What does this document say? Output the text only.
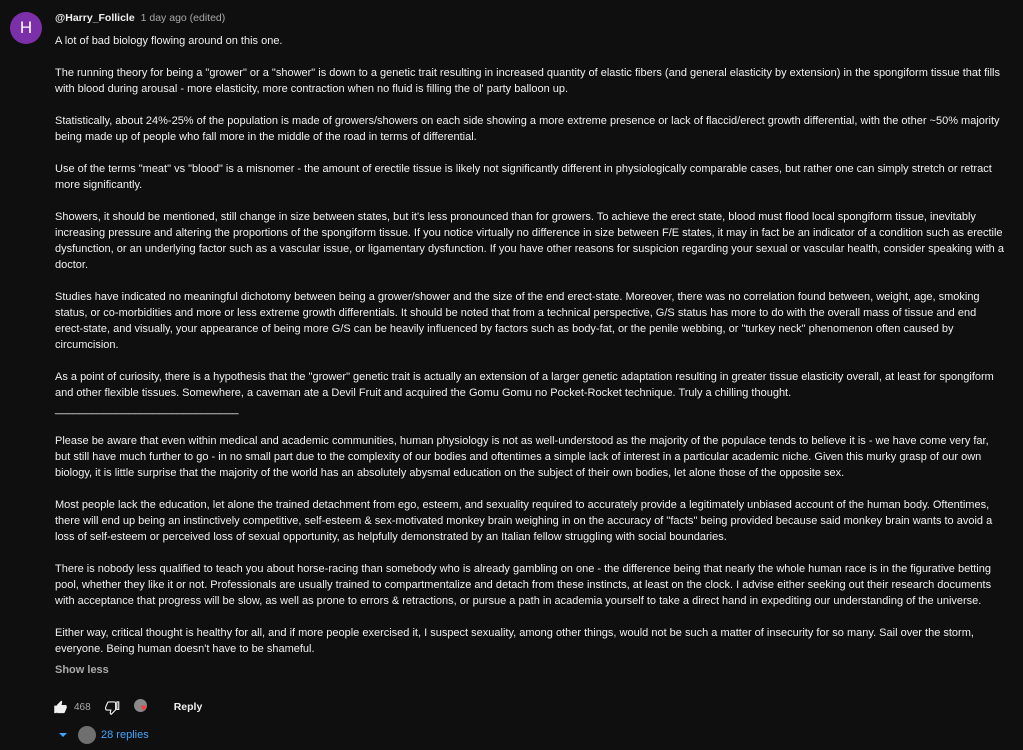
H	@Harry_Follicle 1 day ago (edited)

A lot of bad biology flowing around on this one.

The running theory for being a "grower" or a "shower" is down to a genetic trait resulting in increased quantity of elastic fibers (and general elasticity by extension) in the spongiform tissue that fills with blood during arousal - more elasticity, more contraction when no fluid is filling the ol' party balloon up.

Statistically, about 24%-25% of the population is made of growers/showers on each side showing a more extreme presence or lack of flaccid/erect growth differential, with the other ~50% majority being made up of people who fall more in the middle of the road in terms of differential.

Use of the terms "meat" vs "blood" is a misnomer - the amount of erectile tissue is likely not significantly different in physiologically comparable cases, but rather one can simply stretch or retract more significantly.

Showers, it should be mentioned, still change in size between states, but it's less pronounced than for growers. To achieve the erect state, blood must flood local spongiform tissue, inevitably increasing pressure and altering the proportions of the spongiform tissue. If you notice virtually no difference in size between F/E states, it may in fact be an indicator of a condition such as erectile dysfunction, or an underlying factor such as a vascular issue, or ligamentary dysfunction. If you have other reasons for suspicion regarding your sexual or vascular health, consider speaking with a doctor.

Studies have indicated no meaningful dichotomy between being a grower/shower and the size of the end erect-state. Moreover, there was no correlation found between, weight, age, smoking status, or co-morbidities and more or less extreme growth differentials. It should be noted that from a technical perspective, G/S status has more to do with the overall mass of tissue and end erect-state, and visually, your appearance of being more G/S can be heavily influenced by factors such as body-fat, or the penile webbing, or "turkey neck" phenomenon often caused by circumcision.

As a point of curiosity, there is a hypothesis that the "grower" genetic trait is actually an extension of a larger genetic adaptation resulting in greater tissue elasticity overall, at least for spongiform and other flexible tissues. Somewhere, a caveman ate a Devil Fruit and acquired the Gomu Gomu no Pocket-Rocket technique. Truly a chilling thought.

______________________________

Please be aware that even within medical and academic communities, human physiology is not as well-understood as the majority of the populace tends to believe it is - we have come very far, but still have much further to go - in no small part due to the complexity of our bodies and oftentimes a simple lack of interest in a particular academic niche. Given this murky grasp of our own biology, it is little surprise that the majority of the world has an absolutely abysmal education on the subject of their own bodies, let alone those of the opposite sex.

Most people lack the education, let alone the trained detachment from ego, esteem, and sexuality required to accurately provide a legitimately unbiased account of the human body. Oftentimes, there will end up being an instinctively competitive, self-esteem & sex-motivated monkey brain weighing in on the accuracy of "facts" being provided because said monkey brain wants to avoid a loss of self-esteem or perceived loss of sexual opportunity, as helpfully demonstrated by an Italian fellow struggling with social boundaries.

There is nobody less qualified to teach you about horse-racing than somebody who is already gambling on one - the difference being that nearly the whole human race is in the figurative betting pool, whether they like it or not. Professionals are usually trained to compartmentalize and detach from these instincts, at least on the clock. I advise either seeking out their research documents with acceptance that progress will be slow, as well as prone to errors & retractions, or pursue a path in academia yourself to take a direct hand in expediting our understanding of the universe.

Either way, critical thought is healthy for all, and if more people exercised it, I suspect sexuality, among other things, would not be such a matter of insecurity for so many. Sail over the storm, everyone. Being human doesn't have to be shameful.

Show less
468	♥	Reply
28 replies
